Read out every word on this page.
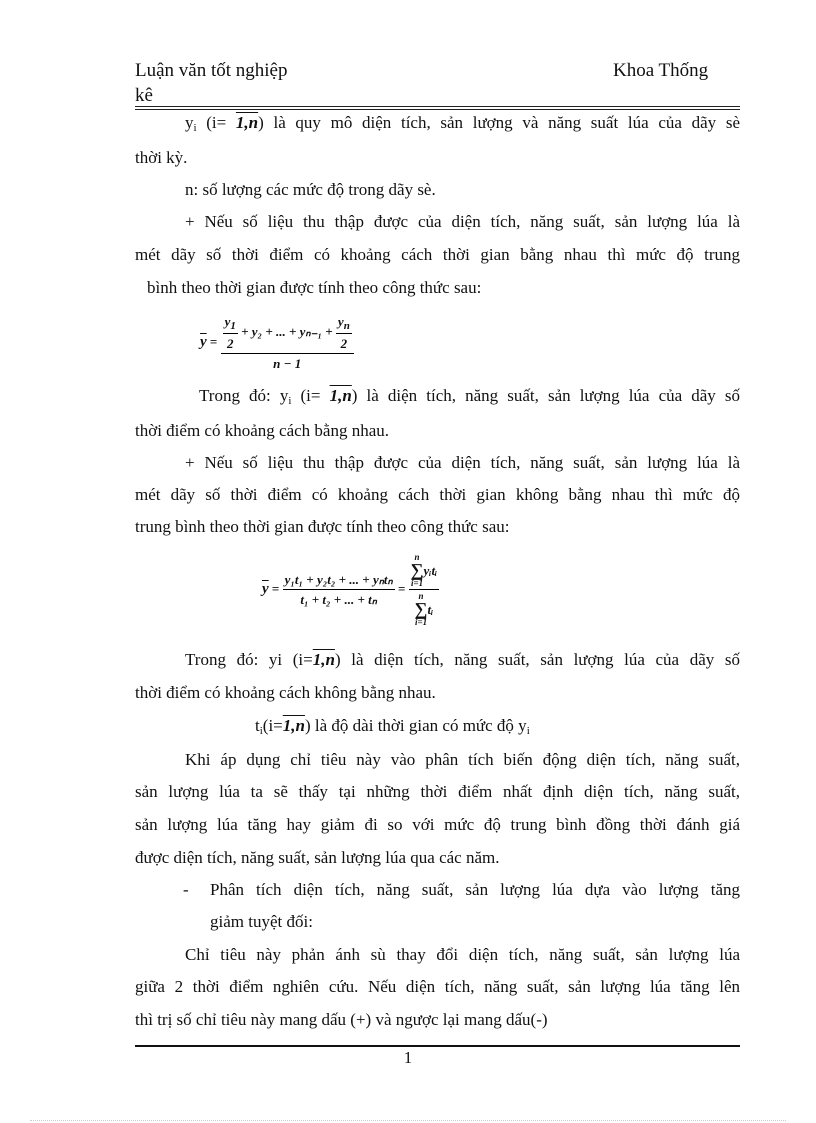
Luận văn tốt nghiệp
kê
Khoa Thống
$y_i$ (i= 1,n) là quy mô diện tích, sản lượng và năng suất lúa của dãy sè
thời kỳ.
n: số lượng các mức độ trong dãy sè.
+ Nếu số liệu thu thập được của diện tích, năng suất, sản lượng lúa là
mét dãy số thời điểm có khoảng cách thời gian bằng nhau thì mức độ trung
bình theo thời gian được tính theo công thức sau:
$\overline{y} = \frac{\frac{y_1}{2} + y_2 + ... + y_{n-1} + \frac{y_n}{2}}{n - 1}$
Trong đó: $y_i$ (i= 1,n) là diện tích, năng suất, sản lượng lúa của dãy số
thời điểm có khoảng cách bằng nhau.
+ Nếu số liệu thu thập được của diện tích, năng suất, sản lượng lúa là
mét dãy số thời điểm có khoảng cách thời gian không bằng nhau thì mức độ
trung bình theo thời gian được tính theo công thức sau:
$\overline{y} = \frac{\text{y₁t₁ + y₂t₂ + ... + yₙtₙ}}{\text{t₁ + t₂ + ... + tₙ}} = n$
∑
i=1
yᵢtᵢ
n
∑
i=1
tᵢ
Trong đó: yi (i=1,n) là diện tích, năng suất, sản lượng lúa của dãy số
thời điểm có khoảng cách không bằng nhau.
$t_i(i=1,n)$ là độ dài thời gian có mức độ $y_i$
Khi áp dụng chỉ tiêu này vào phân tích biến động diện tích, năng suất,
sản lượng lúa ta sẽ thấy tại những thời điểm nhất định diện tích, năng suất,
sản lượng lúa tăng hay giảm đi so với mức độ trung bình đồng thời đánh giá
được diện tích, năng suất, sản lượng lúa qua các năm.
-	Phân tích diện tích, năng suất, sản lượng lúa dựa vào lượng tăng
giảm tuyệt đối:
Chỉ tiêu này phản ánh sù thay đổi diện tích, năng suất, sản lượng lúa
giữa 2 thời điểm nghiên cứu. Nếu diện tích, năng suất, sản lượng lúa tăng lên
thì trị số chỉ tiêu này mang dấu (+) và ngược lại mang dấu(-)
1
